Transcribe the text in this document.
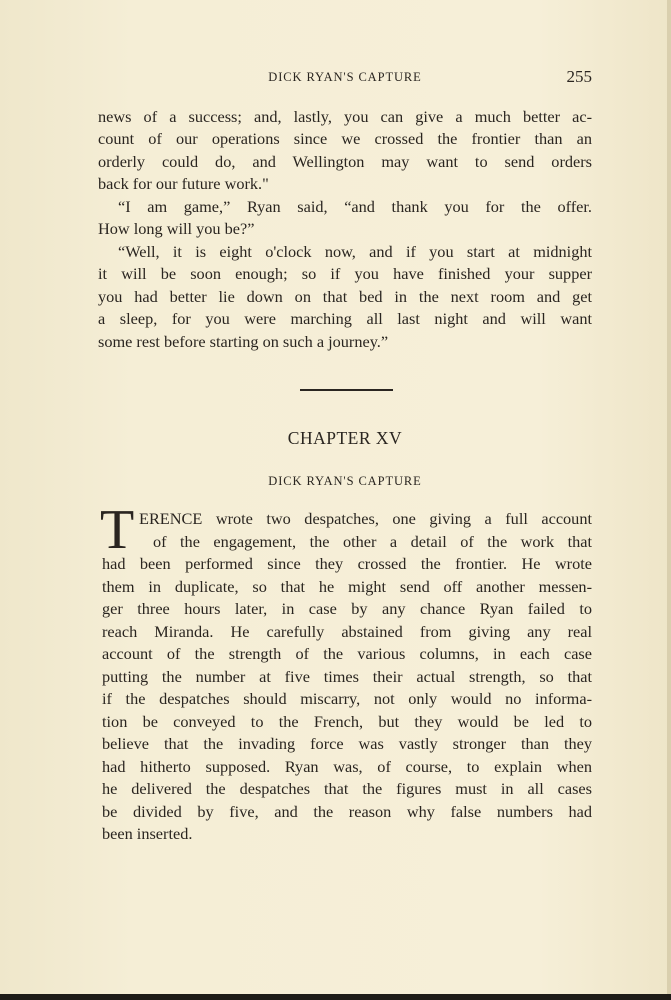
DICK RYAN'S CAPTURE	255
news of a success; and, lastly, you can give a much better ac-
count of our operations since we crossed the frontier than an
orderly could do, and Wellington may want to send orders
back for our future work."
“I am game,” Ryan said, “and thank you for the offer.
How long will you be?”
“Well, it is eight o'clock now, and if you start at midnight
it will be soon enough; so if you have finished your supper
you had better lie down on that bed in the next room and get
a sleep, for you were marching all last night and will want
some rest before starting on such a journey.”
CHAPTER XV
DICK RYAN'S CAPTURE
T ERENCE wrote two despatches, one giving a full account
of the engagement, the other a detail of the work that
had been performed since they crossed the frontier. He wrote
them in duplicate, so that he might send off another messen-
ger three hours later, in case by any chance Ryan failed to
reach Miranda. He carefully abstained from giving any real
account of the strength of the various columns, in each case
putting the number at five times their actual strength, so that
if the despatches should miscarry, not only would no informa-
tion be conveyed to the French, but they would be led to
believe that the invading force was vastly stronger than they
had hitherto supposed. Ryan was, of course, to explain when
he delivered the despatches that the figures must in all cases
be divided by five, and the reason why false numbers had
been inserted.
